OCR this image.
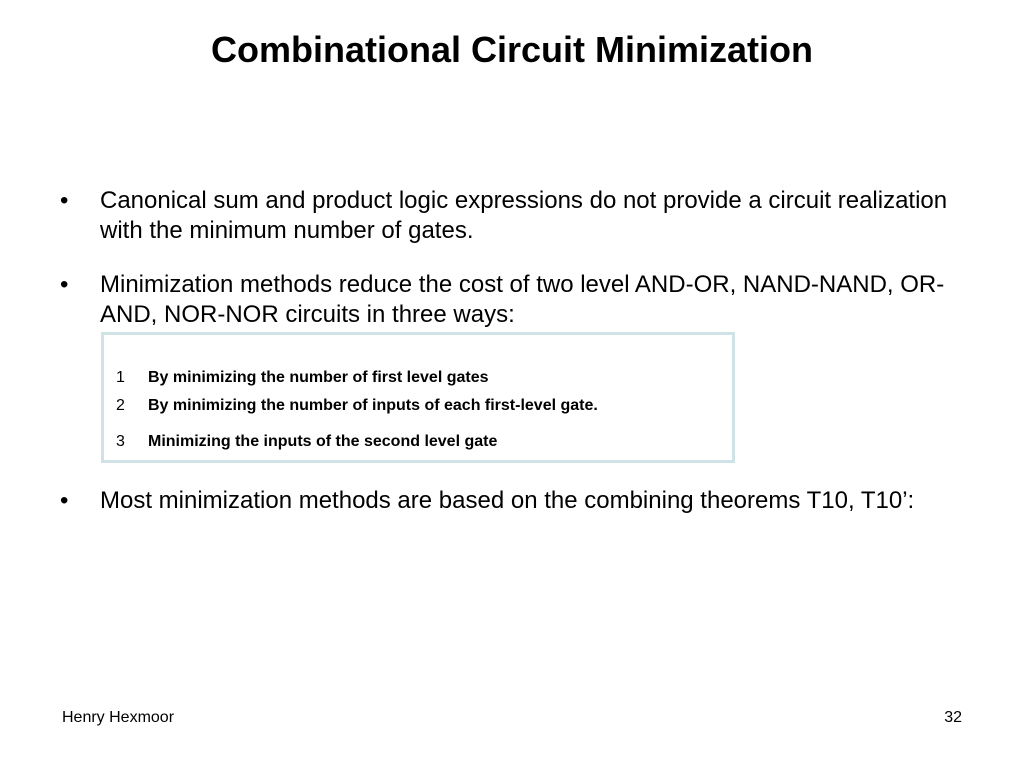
Combinational Circuit Minimization
•	Canonical sum and product logic expressions do not provide a circuit realization with the minimum number of gates.
•	Minimization methods reduce the cost of two level AND-OR, NAND-NAND, OR-AND, NOR-NOR circuits in three ways:
1 By minimizing the number of first level gates
2 By minimizing the number of inputs of each first-level gate.
3 Minimizing the inputs of the second level gate
•	Most minimization methods are based on the combining theorems T10, T10’:
Henry Hexmoor	32
